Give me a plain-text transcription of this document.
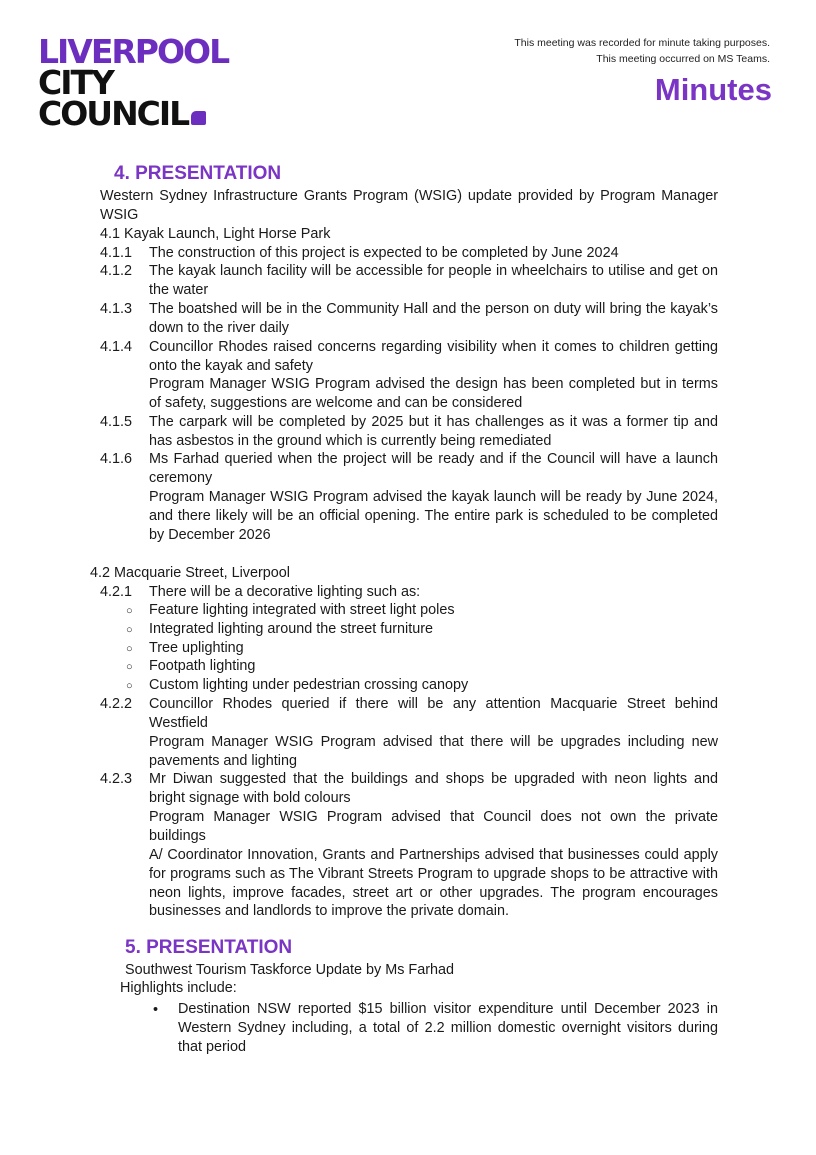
LIVERPOOL
CITY
COUNCIL
This meeting was recorded for minute taking purposes.
This meeting occurred on MS Teams.
Minutes
4. PRESENTATION
Western Sydney Infrastructure Grants Program (WSIG) update provided by Program Manager WSIG
4.1 Kayak Launch, Light Horse Park
4.1.1 The construction of this project is expected to be completed by June 2024
4.1.2 The kayak launch facility will be accessible for people in wheelchairs to utilise and get on the water
4.1.3 The boatshed will be in the Community Hall and the person on duty will bring the kayak’s down to the river daily
4.1.4 Councillor Rhodes raised concerns regarding visibility when it comes to children getting onto the kayak and safety
Program Manager WSIG Program advised the design has been completed but in terms of safety, suggestions are welcome and can be considered
4.1.5 The carpark will be completed by 2025 but it has challenges as it was a former tip and has asbestos in the ground which is currently being remediated
4.1.6 Ms Farhad queried when the project will be ready and if the Council will have a launch ceremony
Program Manager WSIG Program advised the kayak launch will be ready by June 2024, and there likely will be an official opening. The entire park is scheduled to be completed by December 2026
4.2 Macquarie Street, Liverpool
4.2.1 There will be a decorative lighting such as:
○ Feature lighting integrated with street light poles
○ Integrated lighting around the street furniture
○ Tree uplighting
○ Footpath lighting
○ Custom lighting under pedestrian crossing canopy
4.2.2 Councillor Rhodes queried if there will be any attention Macquarie Street behind Westfield
Program Manager WSIG Program advised that there will be upgrades including new pavements and lighting
4.2.3 Mr Diwan suggested that the buildings and shops be upgraded with neon lights and bright signage with bold colours
Program Manager WSIG Program advised that Council does not own the private buildings
A/ Coordinator Innovation, Grants and Partnerships advised that businesses could apply for programs such as The Vibrant Streets Program to upgrade shops to be attractive with neon lights, improve facades, street art or other upgrades. The program encourages businesses and landlords to improve the private domain.
5. PRESENTATION
Southwest Tourism Taskforce Update by Ms Farhad
Highlights include:
• Destination NSW reported $15 billion visitor expenditure until December 2023 in Western Sydney including, a total of 2.2 million domestic overnight visitors during that period
